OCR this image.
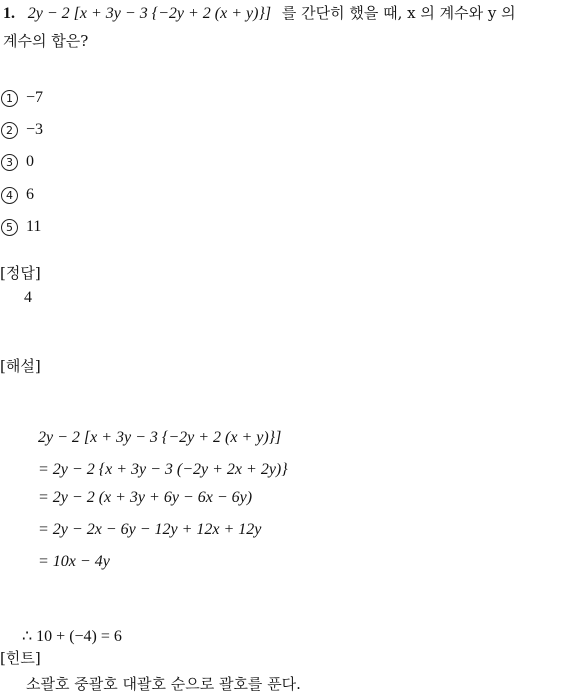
1. 2y − 2 [x + 3y − 3 {−2y + 2 (x + y)}] 를 간단히 했을 때, x 의 계수와 y 의
계수의 합은?
1 −7
2 −3
3 0
4 6
5 11
[정답]
4
[해설]
2y − 2 [x + 3y − 3 {−2y + 2 (x + y)}]
= 2y − 2 {x + 3y − 3 (−2y + 2x + 2y)}
= 2y − 2 (x + 3y + 6y − 6x − 6y)
= 2y − 2x − 6y − 12y + 12x + 12y
= 10x − 4y
∴ 10 + (−4) = 6
[힌트]
소괄호 중괄호 대괄호 순으로 괄호를 푼다.
